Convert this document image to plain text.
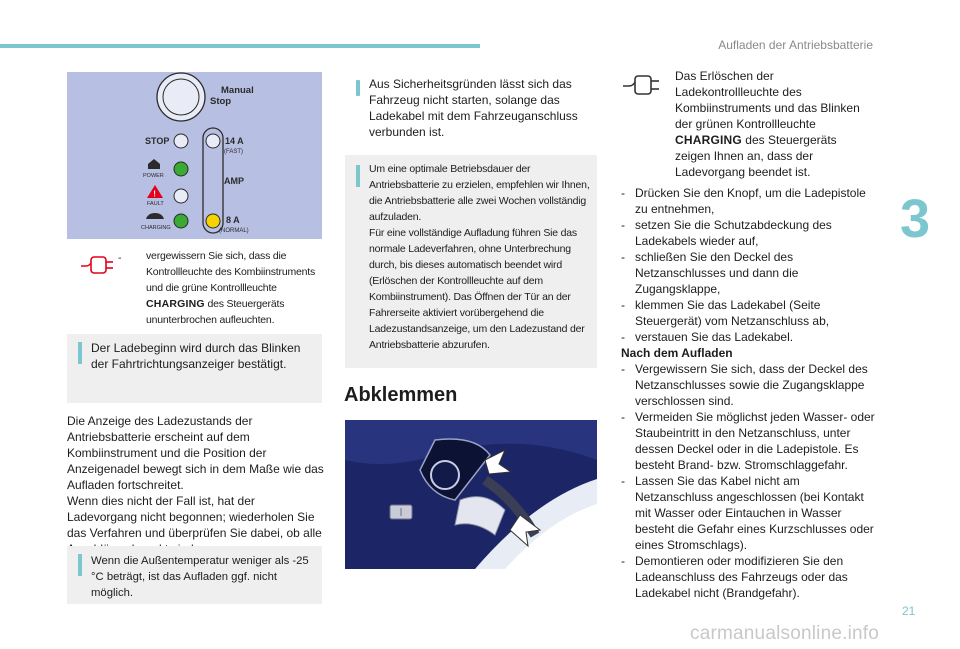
Aufladen der Antriebsbatterie
3
Manual
Stop
STOP
POWER
!
FAULT
CHARGING
14 A
(FAST)
AMP
8 A
(NORMAL)
- vergewissern Sie sich, dass die Kontrollleuchte des Kombiinstruments und die grüne Kontrollleuchte CHARGING des Steuergeräts ununterbrochen aufleuchten.
Der Ladebeginn wird durch das Blinken der Fahrtrichtungsanzeiger bestätigt.
Die Anzeige des Ladezustands der Antriebsbatterie erscheint auf dem Kombiinstrument und die Position der Anzeigenadel bewegt sich in dem Maße wie das Aufladen fortschreitet.
Wenn dies nicht der Fall ist, hat der Ladevorgang nicht begonnen; wiederholen Sie das Verfahren und überprüfen Sie dabei, ob alle
Wenn die Außentemperatur weniger als -25 °C beträgt, ist das Aufladen ggf. nicht möglich.
Aus Sicherheitsgründen lässt sich das Fahrzeug nicht starten, solange das Ladekabel mit dem Fahrzeuganschluss verbunden ist.
Um eine optimale Betriebsdauer der Antriebsbatterie zu erzielen, empfehlen wir Ihnen, die Antriebsbatterie alle zwei Wochen vollständig aufzuladen.
Für eine vollständige Aufladung führen Sie das normale Ladeverfahren, ohne Unterbrechung durch, bis dieses automatisch beendet wird (Erlöschen der Kontrollleuchte auf dem Kombiinstrument). Das Öffnen der Tür an der Fahrerseite aktiviert vorübergehend die Ladezustandsanzeige, um den Ladezustand der Antriebsbatterie abzurufen.
Abklemmen
Das Erlöschen der Ladekontrollleuchte des Kombiinstruments und das Blinken der grünen Kontrollleuchte CHARGING des Steuergeräts zeigen Ihnen an, dass der Ladevorgang beendet ist.
- Drücken Sie den Knopf, um die Ladepistole zu entnehmen,
- setzen Sie die Schutzabdeckung des Ladekabels wieder auf,
- schließen Sie den Deckel des Netzanschlusses und dann die Zugangsklappe,
- klemmen Sie das Ladekabel (Seite Steuergerät) vom Netzanschluss ab,
- verstauen Sie das Ladekabel.
Nach dem Aufladen
- Vergewissern Sie sich, dass der Deckel des Netzanschlusses sowie die Zugangsklappe verschlossen sind.
- Vermeiden Sie möglichst jeden Wasser- oder Staubeintritt in den Netzanschluss, unter dessen Deckel oder in die Ladepistole. Es besteht Brand- bzw. Stromschlaggefahr.
- Lassen Sie das Kabel nicht am Netzanschluss angeschlossen (bei Kontakt mit Wasser oder Eintauchen in Wasser besteht die Gefahr eines Kurzschlusses oder eines Stromschlags).
- Demontieren oder modifizieren Sie den Ladeanschluss des Fahrzeugs oder das Ladekabel nicht (Brandgefahr).
21
carmanualsonline.info
